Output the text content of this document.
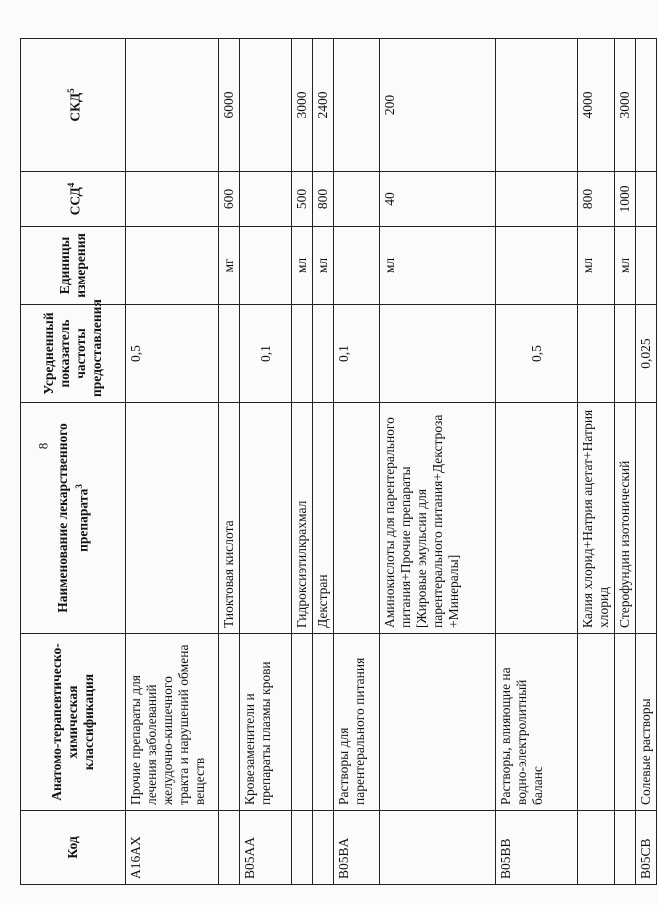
8
Код	Анатомо-терапевтическо-химическая классификация	Наименование лекарственного препарата$^3$	Усредненный показатель частоты предоставления	Единицы измерения	ССД$^4$	СКД$^5$
A16AX	Прочие препараты для лечения заболеваний желудочно-кишечного тракта и нарушений обмена веществ		0,5			
		Тиоктовая кислота		мг	600	6000
B05AA	Кровезаменители и препараты плазмы крови		0,1			
		Гидроксиэтилкрахмал		мл	500	3000
		Декстран		мл	800	2400
B05BA	Растворы для парентерального питания		0,1			
		Аминокислоты для парентерального питания+Прочие препараты [Жировые эмульсии для парентерального питания+Декстроза +Минералы]		мл	40	200
B05BB	Растворы, влияющие на водно-электролитный баланс		0,5			
		Калия хлорид+Натрия ацетат+Натрия хлорид		мл	800	4000
		Стерофундин изотонический		мл	1000	3000
B05CB	Солевые растворы		0,025			
